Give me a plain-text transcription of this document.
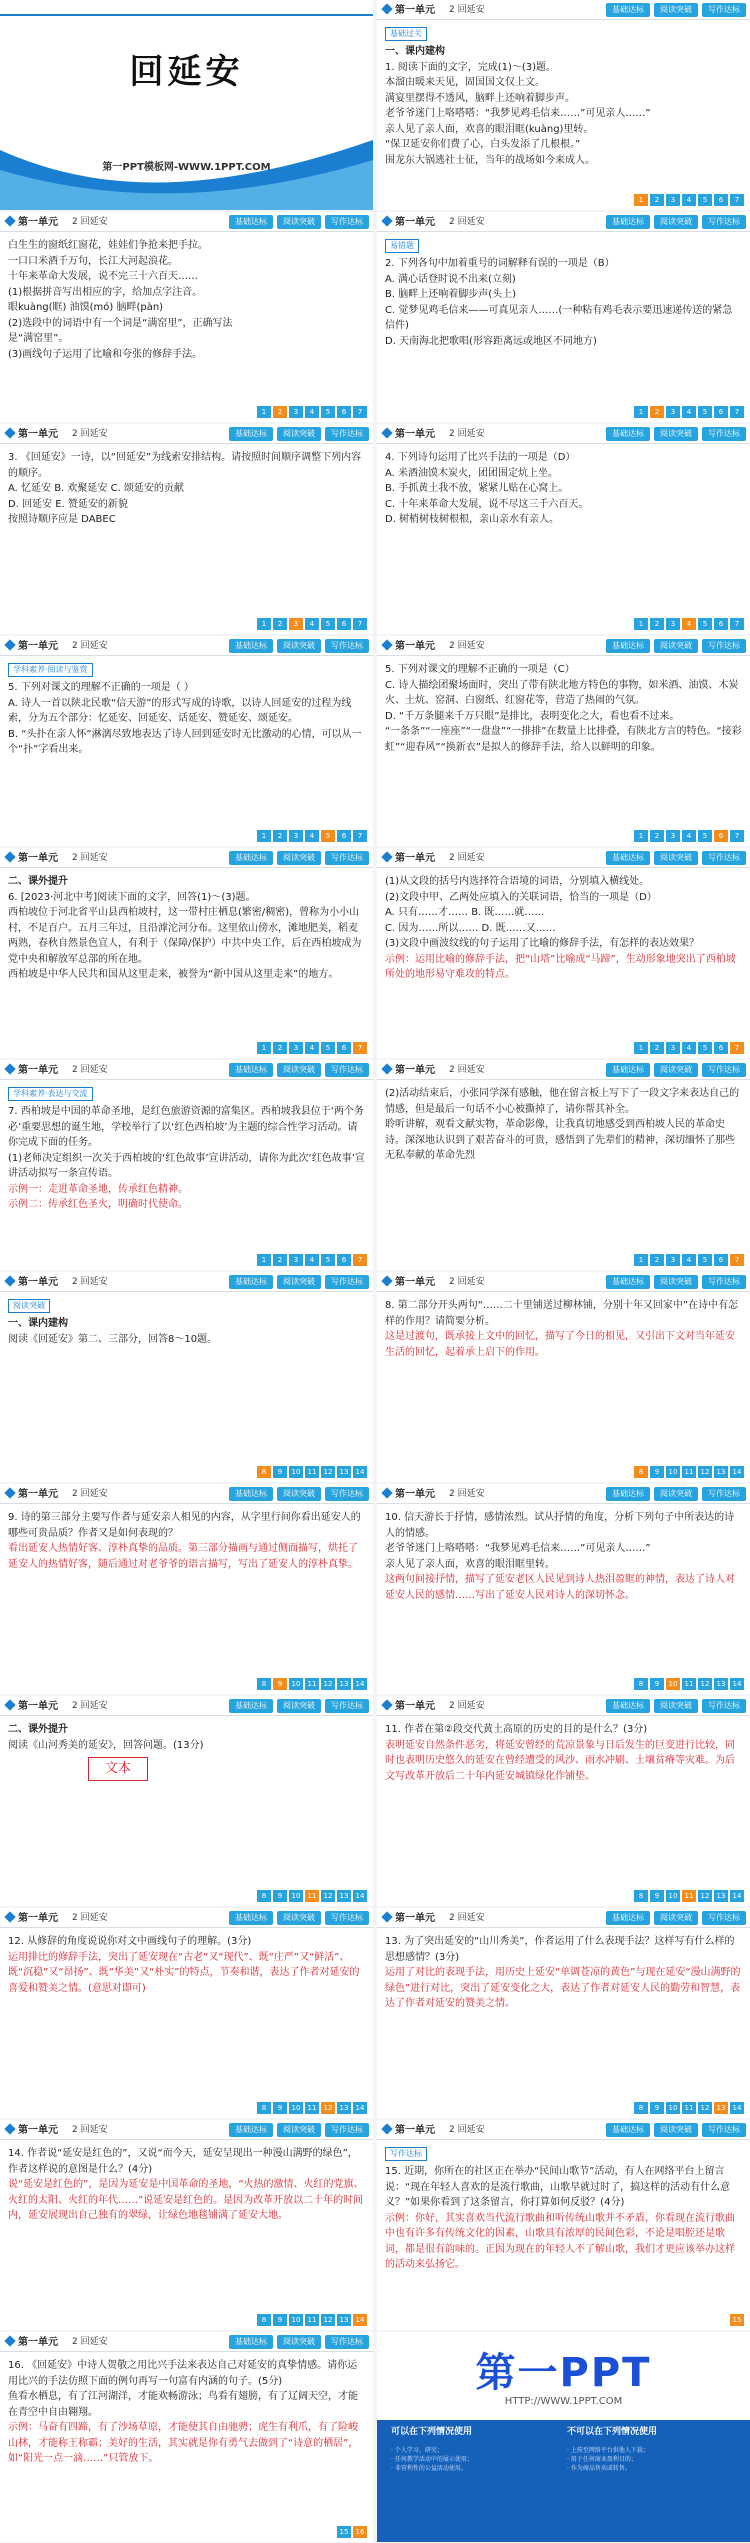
回延安
第一PPT模板网-WWW.1PPT.COM
第一单元 2 回延安	基础达标	阅读突破	写作达标
基础过关
一、课内建构
1. 阅读下面的文字，完成(1)～(3)题。
本溜由暖来天见，固国国文仅上文。
满宴里摆得不透风，脑畔上还响着脚步声。
老爷爷迷门上咯嗒嗒：“我梦见鸡毛信来……”可见亲人……”
亲人见了亲人面，欢喜的眼泪眶(kuàng)里转。
“保卫延安你们费了心，白头发添了几根根。”
围龙东大锅逃社士征，当年的战场如今来成人。
1	2	3	4	5	6	7
第一单元 2 回延安	基础达标	阅读突破	写作达标
白生生的窗纸红窗花，娃娃们争抢来把手拉。
一口口米酒千万句，长江大河起浪花。
十年来革命大发展，说不完三十六百天……
(1)根据拼音写出相应的字，给加点字注音。
眼kuàng(眶) 油馍(mó) 脑畔(pàn)
(2)选段中的词语中有一个词是“满窑里”，正确写法
是“满窑里”。
(3)画线句子运用了比喻和夸张的修辞手法。
1	2	3	4	5	6	7
第一单元 2 回延安	基础达标	阅读突破	写作达标
易错题
2. 下列各句中加着重号的词解释有误的一项是（B）
A. 满心话登时说不出来(立刻)
B. 脑畔上还响着脚步声(头上)
C. 觉梦见鸡毛信来——可真见亲人……(一种粘有鸡毛表示要迅速递传送的紧急信件)
D. 天南海北把歌唱(形容距离远或地区不同地方)
1	2	3	4	5	6	7
第一单元 2 回延安	基础达标	阅读突破	写作达标
3. 《回延安》一诗，以“回延安”为线索安排结构。请按照时间顺序调整下列内容的顺序。
A. 忆延安 B. 欢聚延安 C. 颂延安的贡献
D. 回延安 E. 赞延安的新貌
按照诗顺序应是 DABEC
1	2	3	4	5	6	7
第一单元 2 回延安	基础达标	阅读突破	写作达标
4. 下列诗句运用了比兴手法的一项是（D）
A. 米酒油馍木炭火，团团围定炕上坐。
B. 手抓黄土我不放，紧紧儿贴在心窝上。
C. 十年来革命大发展，说不尽这三千六百天。
D. 树梢树枝树根根，亲山亲水有亲人。
1	2	3	4	5	6	7
第一单元 2 回延安	基础达标	阅读突破	写作达标
学科素养·阅读与鉴赏
5. 下列对课文的理解不正确的一项是（ ）
A. 诗人一首以陕北民歌“信天游”的形式写成的诗歌，以诗人回延安的过程为线索，分为五个部分：忆延安、回延安、话延安、赞延安、颂延安。
B. “头扑在亲人怀”淋漓尽致地表达了诗人回到延安时无比激动的心情，可以从一个“扑”字看出来。
1	2	3	4	5	6	7
第一单元 2 回延安	基础达标	阅读突破	写作达标
5. 下列对课文的理解不正确的一项是（C）
C. 诗人描绘团聚场面时，突出了带有陕北地方特色的事物，如米酒、油馍、木炭火、土炕、窑洞、白窗纸、红窗花等，营造了热闹的气氛。
D. “千万条腿来千万只眼”是排比，表明变化之大，看也看不过来。
“一条条”“一座座”“一盘盘”“一排排”在数量上比排叠，有陕北方言的特色。“接彩虹”“迎春风”“换新衣”是拟人的修辞手法，给人以鲜明的印象。
1	2	3	4	5	6	7
第一单元 2 回延安	基础达标	阅读突破	写作达标
二、课外提升
6. [2023·河北中考]阅读下面的文字，回答(1)～(3)题。
西柏坡位于河北省平山县西柏坡村，这一带村庄栖息(繁密/稠密)，曾称为小小山村，不足百户。五月三年过，且沿滹沱河分布。这里依山傍水，滩地肥美，稻麦两熟，春秋自然景色宜人，有利于（保障/保护）中共中央工作，后在西柏坡成为党中央和解放军总部的所在地。
西柏坡是中华人民共和国从这里走来，被誉为“新中国从这里走来”的地方。
1	2	3	4	5	6	7
第一单元 2 回延安	基础达标	阅读突破	写作达标
(1)从文段的括号内选择符合语境的词语，分别填入横线处。
(2)文段中甲、乙两处应填入的关联词语，恰当的一项是（D）
A. 只有……才…… B. 既……就……
C. 因为……所以…… D. 既……又……
(3)文段中画波纹线的句子运用了比喻的修辞手法，有怎样的表达效果？
示例：运用比喻的修辞手法，把“山塔”比喻成“马蹄”，生动形象地突出了西柏坡所处的地形易守难攻的特点。
1	2	3	4	5	6	7
第一单元 2 回延安	基础达标	阅读突破	写作达标
学科素养·表达与交流
7. 西柏坡是中国的革命圣地，是红色旅游资源的富集区。西柏坡我县位于‘两个务必’重要思想的诞生地，学校举行了以‘红色西柏坡’为主题的综合性学习活动。请你完成下面的任务。
(1)老师决定组织一次关于西柏坡的‘红色故事’宣讲活动，请你为此次‘红色故事’宣讲活动拟写一条宣传语。
示例一：走进革命圣地，传承红色精神。
示例二：传承红色圣火，明确时代使命。
1	2	3	4	5	6	7
第一单元 2 回延安	基础达标	阅读突破	写作达标
(2)活动结束后，小张同学深有感触，他在留言板上写下了一段文字来表达自己的情感，但是最后一句话不小心被撕掉了，请你帮其补全。
聆听讲解，观看文献实物，革命影像，让我真切地感受到西柏坡人民的革命史诗。深深地认识到了艰苦奋斗的可贵，感悟到了先辈们的精神，深切缅怀了那些无私奉献的革命先烈
1	2	3	4	5	6	7
第一单元 2 回延安	基础达标	阅读突破	写作达标
阅读突破
一、课内建构
阅读《回延安》第二、三部分，回答8～10题。
8	9	10	11	12	13	14
第一单元 2 回延安	基础达标	阅读突破	写作达标
8. 第二部分开头两句“……二十里铺送过柳林铺，分别十年又回家中”在诗中有怎样的作用？请简要分析。
这是过渡句，既承接上文中的回忆，描写了今日的相见，又引出下文对当年延安生活的回忆，起着承上启下的作用。
8	9	10	11	12	13	14
第一单元 2 回延安	基础达标	阅读突破	写作达标
9. 诗的第三部分主要写作者与延安亲人相见的内容，从字里行间你看出延安人的哪些可贵品质？作者又是如何表现的？
看出延安人热情好客、淳朴真挚的品质。第三部分描画与通过侧面描写，烘托了延安人的热情好客，随后通过对老爷爷的语言描写，写出了延安人的淳朴真挚。
8	9	10	11	12	13	14
第一单元 2 回延安	基础达标	阅读突破	写作达标
10. 信天游长于抒情，感情浓烈。试从抒情的角度，分析下列句子中所表达的诗人的情感。
老爷爷迷门上咯嗒嗒：“我梦见鸡毛信来……”可见亲人……”
亲人见了亲人面，欢喜的眼泪眶里转。
这两句间接抒情，描写了延安老区人民见到诗人热泪盈眶的神情，表达了诗人对延安人民的感情……写出了延安人民对诗人的深切怀念。
8	9	10	11	12	13	14
第一单元 2 回延安	基础达标	阅读突破	写作达标
二、课外提升
阅读《山河秀美的延安》，回答问题。(13分)
文本
8	9	10	11	12	13	14
第一单元 2 回延安	基础达标	阅读突破	写作达标
11. 作者在第②段交代黄土高原的历史的目的是什么？(3分)
表明延安自然条件恶劣，将延安曾经的荒凉景象与日后发生的巨变进行比较，同时也表明历史悠久的延安在曾经遭受的风沙、雨水冲刷、土壤贫瘠等灾难。为后文写改革开放后二十年内延安城镇绿化作铺垫。
8	9	10	11	12	13	14
第一单元 2 回延安	基础达标	阅读突破	写作达标
12. 从修辞的角度说说你对文中画线句子的理解。(3分)
运用排比的修辞手法，突出了延安现在“古老”又“现代”、既“庄严”又“鲜活”、既“沉稳”又“昂扬”、既“华美”又“朴实”的特点，节奏和谐，表达了作者对延安的喜爱和赞美之情。(意思对即可)
8	9	10	11	12	13	14
第一单元 2 回延安	基础达标	阅读突破	写作达标
13. 为了突出延安的“山川秀美”，作者运用了什么表现手法？这样写有什么样的思想感情？(3分)
运用了对比的表现手法，用历史上延安“单调苍凉的黄色”与现在延安“漫山满野的绿色”进行对比，突出了延安变化之大，表达了作者对延安人民的勤劳和智慧，表达了作者对延安的赞美之情。
8	9	10	11	12	13	14
第一单元 2 回延安	基础达标	阅读突破	写作达标
14. 作者说“延安是红色的”，又说“而今天，延安呈现出一种漫山满野的绿色”，作者这样说的意图是什么？(4分)
说“延安是红色的”，是因为延安是中国革命的圣地，“火热的激情、火红的党旗、火红的太阳、火红的年代……”说延安是红色的。是因为改革开放以二十年的时间内，延安展现出自己独有的翠绿，让绿色地毯铺满了延安大地。
8	9	10	11	12	13	14
第一单元 2 回延安	基础达标	阅读突破	写作达标
写作达标
15. 近期，你所在的社区正在举办“民间山歌节”活动，有人在网络平台上留言说：“现在年轻人喜欢的是流行歌曲，山歌早就过时了，搞这样的活动有什么意义？”如果你看到了这条留言，你打算如何反驳？(4分)
示例：你好，其实喜欢当代流行歌曲和听传统山歌并不矛盾，你看现在流行歌曲中也有许多有传统文化的因素，山歌具有浓厚的民间色彩，不论是唱腔还是歌词，都是很有韵味的。正因为现在的年轻人不了解山歌，我们才更应该举办这样的活动来弘扬它。
15
第一单元 2 回延安	基础达标	阅读突破	写作达标
16. 《回延安》中诗人贺敬之用比兴手法来表达自己对延安的真挚情感。请你运用比兴的手法仿照下面的例句再写一句富有内涵的句子。(5分)
鱼看水栖息，有了江河湖洋，才能欢畅游泳；鸟看有翅膀，有了辽阔天空，才能在青空中自由翱翔。
示例：马奋有四蹄，有了沙场草原，才能使其自由驰骋；虎生有利爪，有了险峻山林，才能称王称霸；美好的生活，其实就是你有勇气去做到了“诗意的栖居”，如“阳光一点一滴……”只管放下。
15	16
第一PPT
HTTP://WWW.1PPT.COM
可以在下列情况使用	不可以在下列情况使用
· 个人学习、研究；
· 任何教学活动中的展示使用；
· 非营利性的公益活动使用。
· 上传至网络平台供他人下载；
· 用于任何商业盈利目的；
· 作为商品售卖或转售。
